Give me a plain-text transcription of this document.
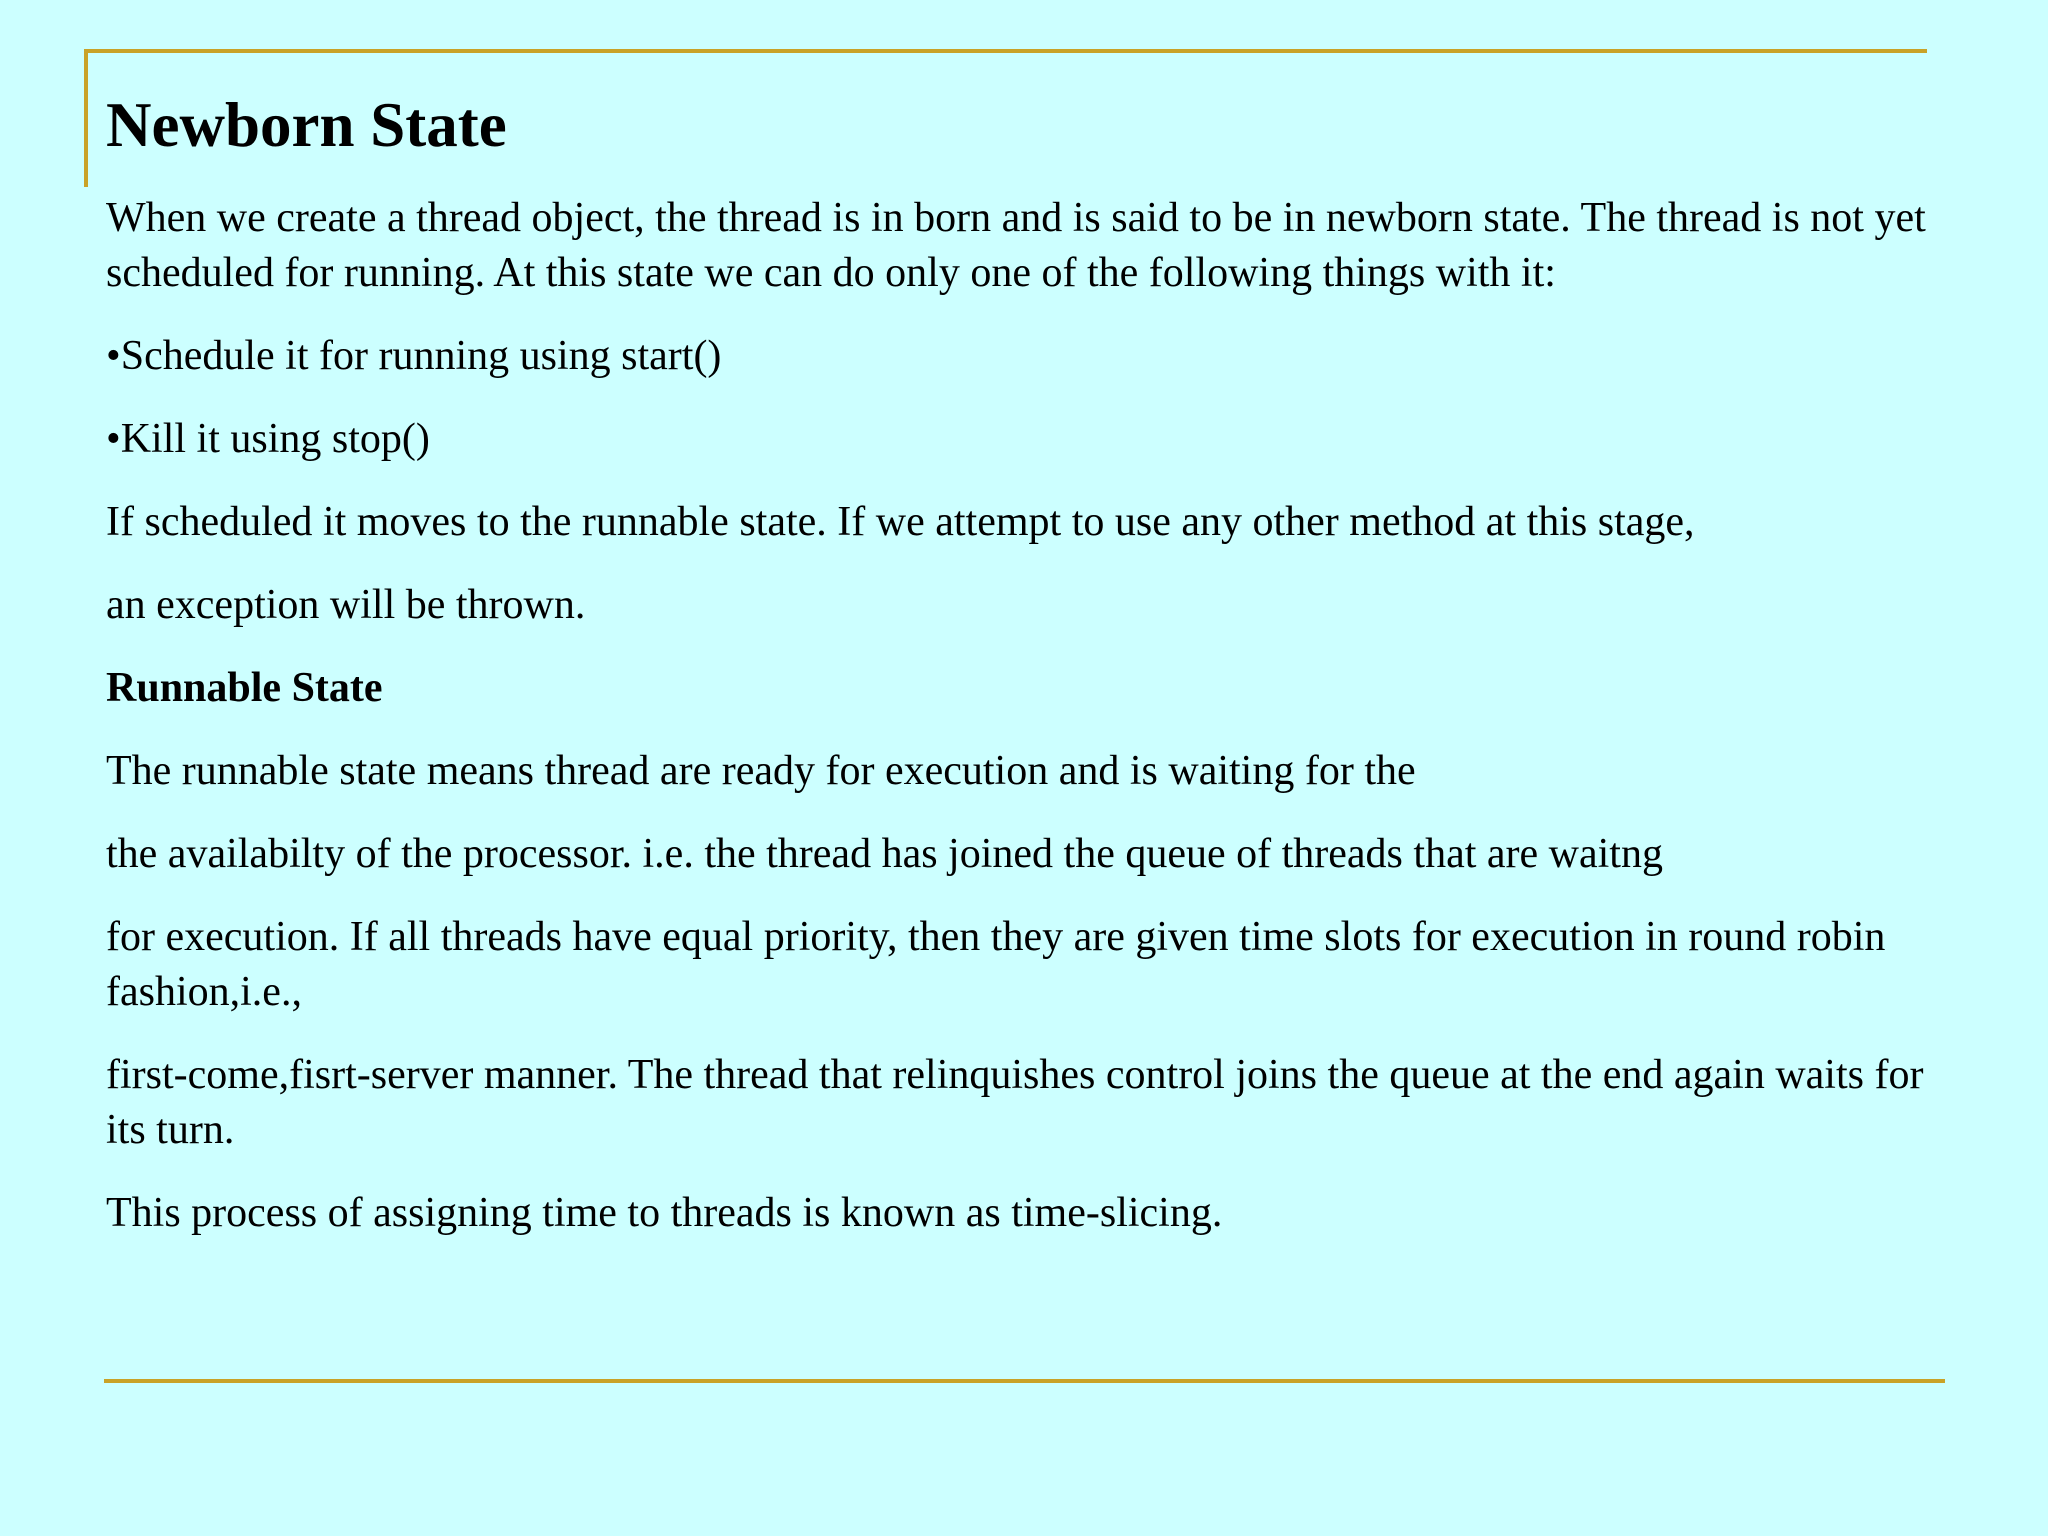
Newborn State

When we create a thread object, the thread is in born and is said to be in newborn state. The thread is not yet scheduled for running. At this state we can do only one of the following things with it:

•Schedule it for running using start()

•Kill it using stop()

If scheduled it moves to the runnable state. If we attempt to use any other method at this stage,

an exception will be thrown.

Runnable State

The runnable state means thread are ready for execution and is waiting for the

the availabilty of the processor. i.e. the thread has joined the queue of threads that are waitng

for execution. If all threads have equal priority, then they are given time slots for execution in round robin fashion,i.e.,

first-come,fisrt-server manner. The thread that relinquishes control joins the queue at the end again waits for its turn.

This process of assigning time to threads is known as time-slicing.
